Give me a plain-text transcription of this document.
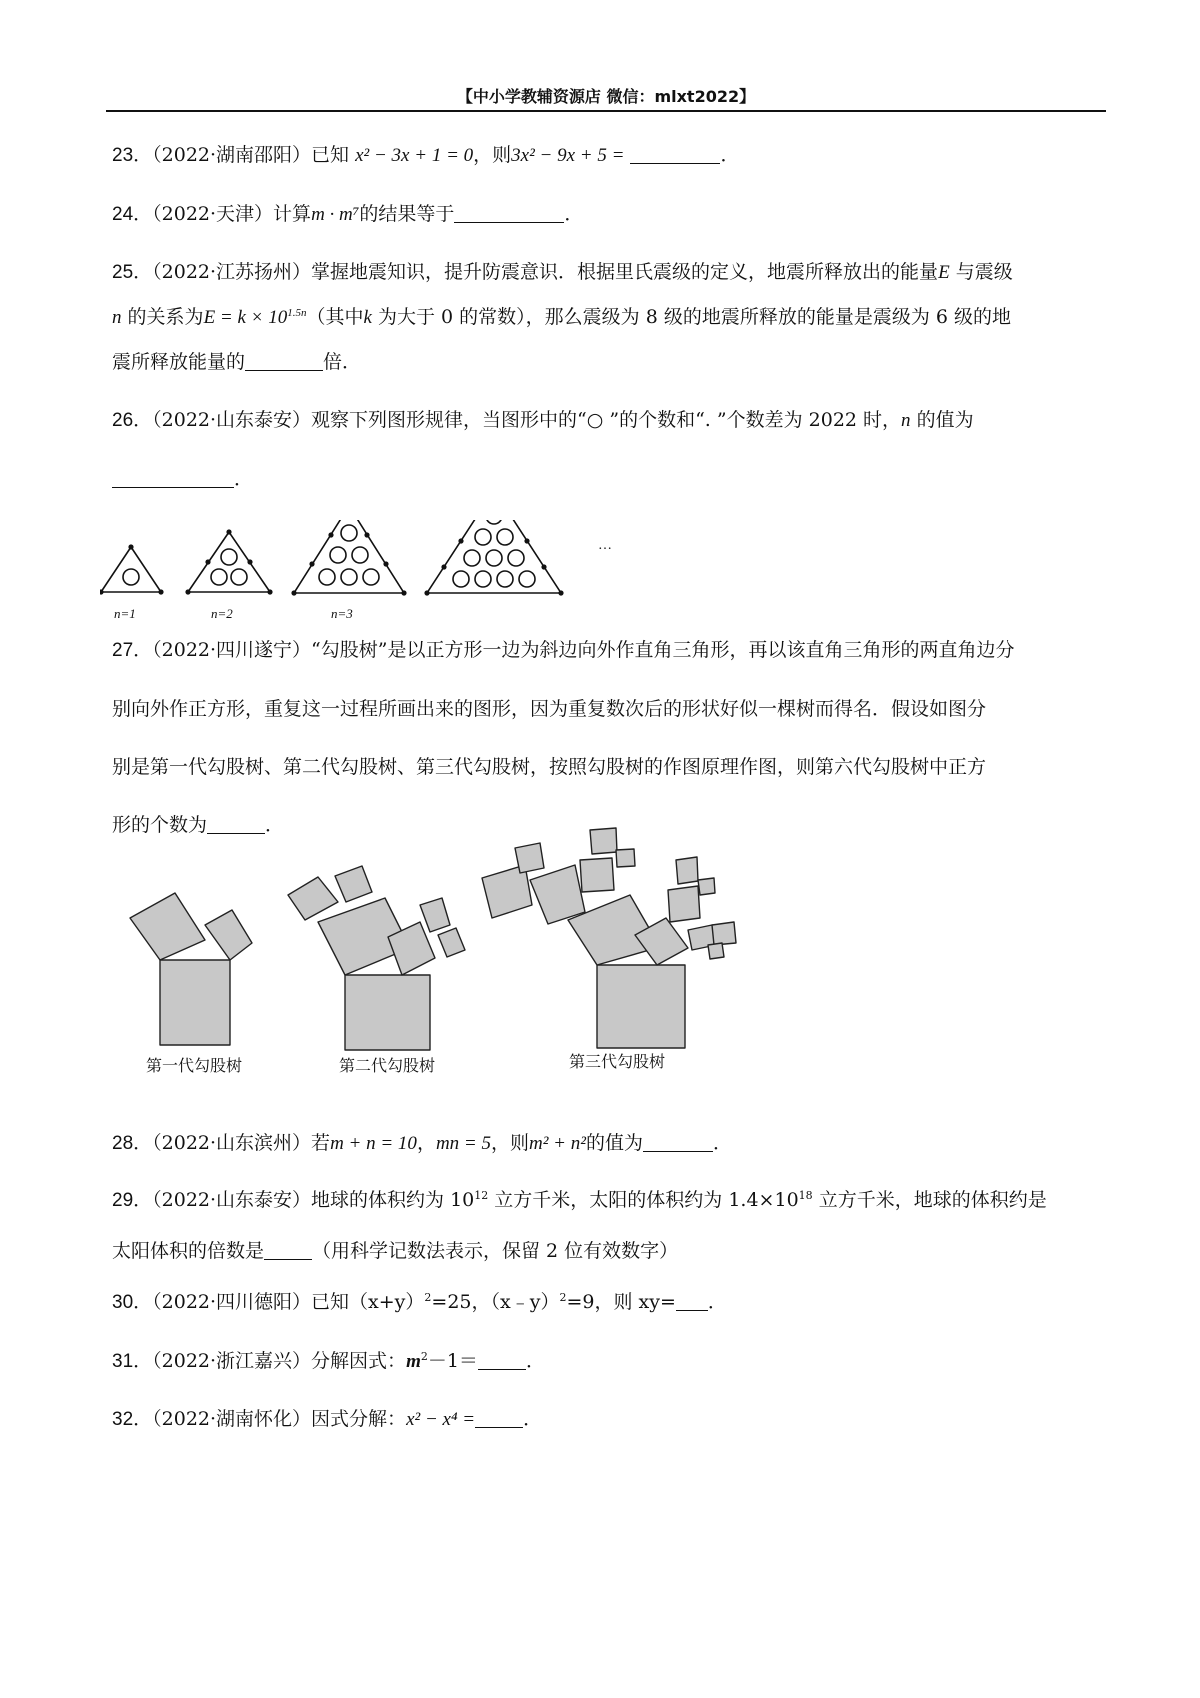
【中小学教辅资源店 微信：mlxt2022】
23．（2022·湖南邵阳）已知 x² − 3x + 1 = 0，则3x² − 9x + 5 =	．
24．（2022·天津）计算m · m⁷的结果等于	．
25．（2022·江苏扬州）掌握地震知识，提升防震意识．根据里氏震级的定义，地震所释放出的能量E 与震级
n 的关系为$E = k \times 10^{1.5n}$（其中k 为大于 0 的常数），那么震级为 8 级的地震所释放的能量是震级为 6 级的地
震所释放能量的	倍．
26．（2022·山东泰安）观察下列图形规律，当图形中的“○ ”的个数和“. ”个数差为 2022 时，n 的值为
．
n=1	n=2	n=3
…
27．（2022·四川遂宁）“勾股树”是以正方形一边为斜边向外作直角三角形，再以该直角三角形的两直角边分
别向外作正方形，重复这一过程所画出来的图形，因为重复数次后的形状好似一棵树而得名．假设如图分
别是第一代勾股树、第二代勾股树、第三代勾股树，按照勾股树的作图原理作图，则第六代勾股树中正方
形的个数为	．
第一代勾股树	第二代勾股树	第三代勾股树
28．（2022·山东滨州）若m + n = 10，mn = 5，则m² + n²的值为	．
29．（2022·山东泰安）地球的体积约为 $10^{12}$ 立方千米，太阳的体积约为 $1.4\times 10^{18}$ 立方千米，地球的体积约是
太阳体积的倍数是	（用科学记数法表示，保留 2 位有效数字）
30．（2022·四川德阳）已知$(x+y)^2=25$，（x﹣y）$^2$=9，则 xy= ．
31．（2022·浙江嘉兴）分解因式：$m^2-1=$	．
32．（2022·湖南怀化）因式分解：x² − x⁴ =	．
